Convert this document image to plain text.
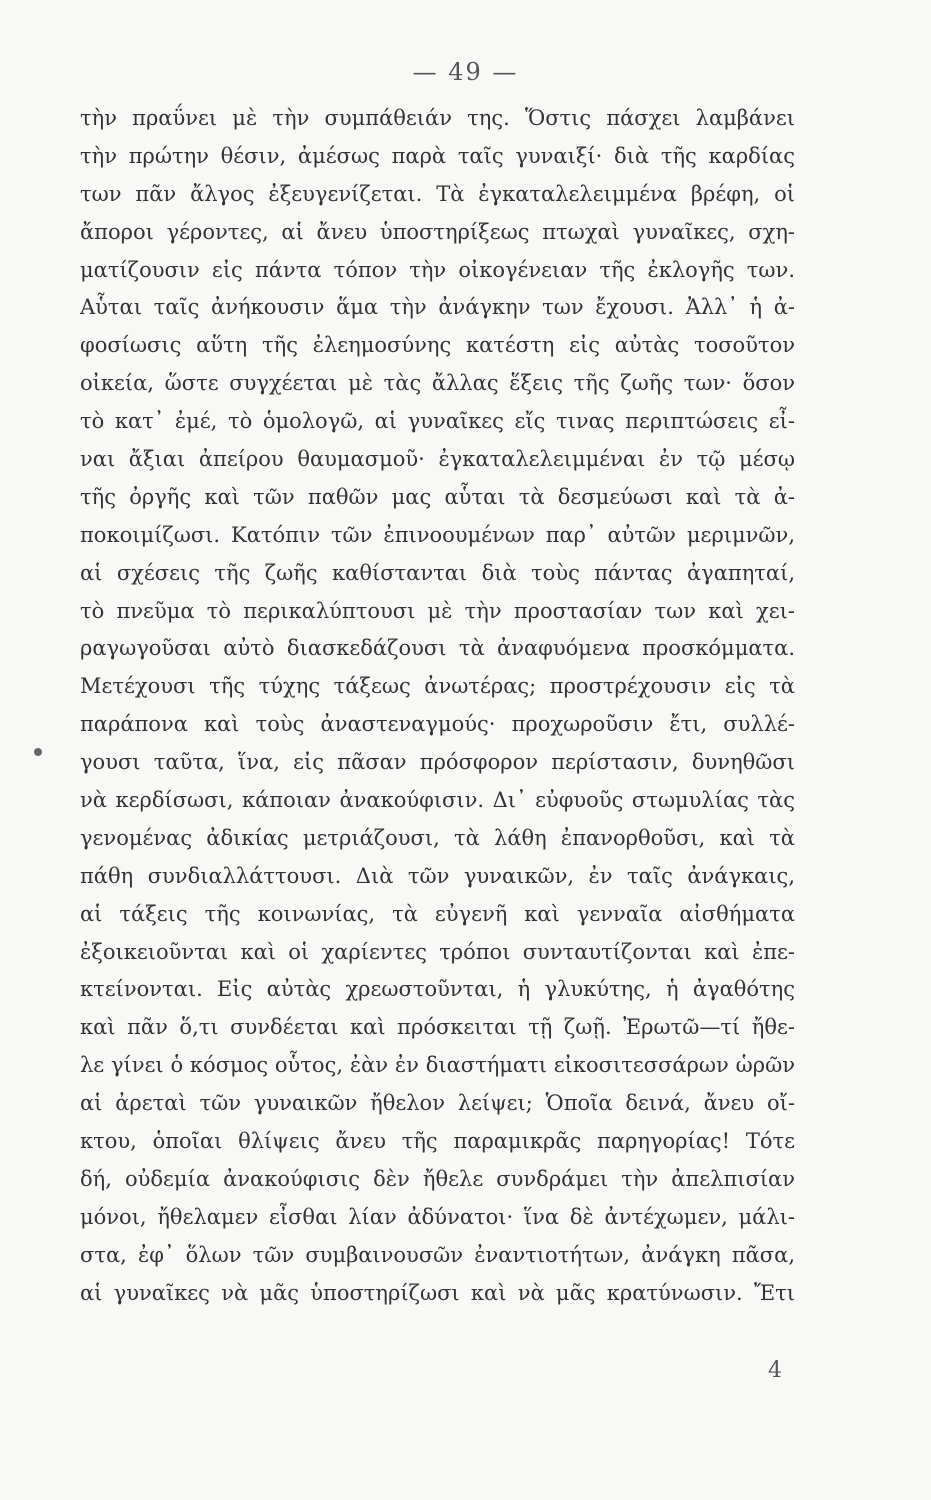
— 49 —
τὴν πραΰνει μὲ τὴν συμπάθειάν της. Ὅστις πάσχει λαμβάνει
τὴν πρώτην θέσιν, ἀμέσως παρὰ ταῖς γυναιξί· διὰ τῆς καρδίας
των πᾶν ἄλγος ἐξευγενίζεται. Τὰ ἐγκαταλελειμμένα βρέφη, οἱ
ἄποροι γέροντες, αἱ ἄνευ ὑποστηρίξεως πτωχαὶ γυναῖκες, σχη-
ματίζουσιν εἰς πάντα τόπον τὴν οἰκογένειαν τῆς ἐκλογῆς των.
Αὗται ταῖς ἀνήκουσιν ἅμα τὴν ἀνάγκην των ἔχουσι. Ἀλλ᾽ ἡ ἀ-
φοσίωσις αὕτη τῆς ἐλεημοσύνης κατέστη εἰς αὐτὰς τοσοῦτον
οἰκεία, ὥστε συγχέεται μὲ τὰς ἄλλας ἕξεις τῆς ζωῆς των· ὅσον
τὸ κατ᾽ ἐμέ, τὸ ὁμολογῶ, αἱ γυναῖκες εἴς τινας περιπτώσεις εἶ-
ναι ἄξιαι ἀπείρου θαυμασμοῦ· ἐγκαταλελειμμέναι ἐν τῷ μέσῳ
τῆς ὀργῆς καὶ τῶν παθῶν μας αὗται τὰ δεσμεύωσι καὶ τὰ ἀ-
ποκοιμίζωσι. Κατόπιν τῶν ἐπινοουμένων παρ᾽ αὐτῶν μεριμνῶν,
αἱ σχέσεις τῆς ζωῆς καθίστανται διὰ τοὺς πάντας ἀγαπηταί,
τὸ πνεῦμα τὸ περικαλύπτουσι μὲ τὴν προστασίαν των καὶ χει-
ραγωγοῦσαι αὐτὸ διασκεδάζουσι τὰ ἀναφυόμενα προσκόμματα.
Μετέχουσι τῆς τύχης τάξεως ἀνωτέρας; προστρέχουσιν εἰς τὰ
παράπονα καὶ τοὺς ἀναστεναγμούς· προχωροῦσιν ἔτι, συλλέ-
γουσι ταῦτα, ἵνα, εἰς πᾶσαν πρόσφορον περίστασιν, δυνηθῶσι
νὰ κερδίσωσι, κάποιαν ἀνακούφισιν. Δι᾽ εὐφυοῦς στωμυλίας τὰς
γενομένας ἀδικίας μετριάζουσι, τὰ λάθη ἐπανορθοῦσι, καὶ τὰ
πάθη συνδιαλλάττουσι. Διὰ τῶν γυναικῶν, ἐν ταῖς ἀνάγκαις,
αἱ τάξεις τῆς κοινωνίας, τὰ εὐγενῆ καὶ γενναῖα αἰσθήματα
ἐξοικειοῦνται καὶ οἱ χαρίεντες τρόποι συνταυτίζονται καὶ ἐπε-
κτείνονται. Εἰς αὐτὰς χρεωστοῦνται, ἡ γλυκύτης, ἡ ἀγαθότης
καὶ πᾶν ὅ,τι συνδέεται καὶ πρόσκειται τῇ ζωῇ. Ἐρωτῶ—τί ἤθε-
λε γίνει ὁ κόσμος οὗτος, ἐὰν ἐν διαστήματι εἰκοσιτεσσάρων ὡρῶν
αἱ ἀρεταὶ τῶν γυναικῶν ἤθελον λείψει; Ὁποῖα δεινά, ἄνευ οἴ-
κτου, ὁποῖαι θλίψεις ἄνευ τῆς παραμικρᾶς παρηγορίας! Τότε
δή, οὐδεμία ἀνακούφισις δὲν ἤθελε συνδράμει τὴν ἀπελπισίαν
μόνοι, ἤθελαμεν εἶσθαι λίαν ἀδύνατοι· ἵνα δὲ ἀντέχωμεν, μάλι-
στα, ἐφ᾽ ὅλων τῶν συμβαινουσῶν ἐναντιοτήτων, ἀνάγκη πᾶσα,
αἱ γυναῖκες νὰ μᾶς ὑποστηρίζωσι καὶ νὰ μᾶς κρατύνωσιν. Ἔτι
4
